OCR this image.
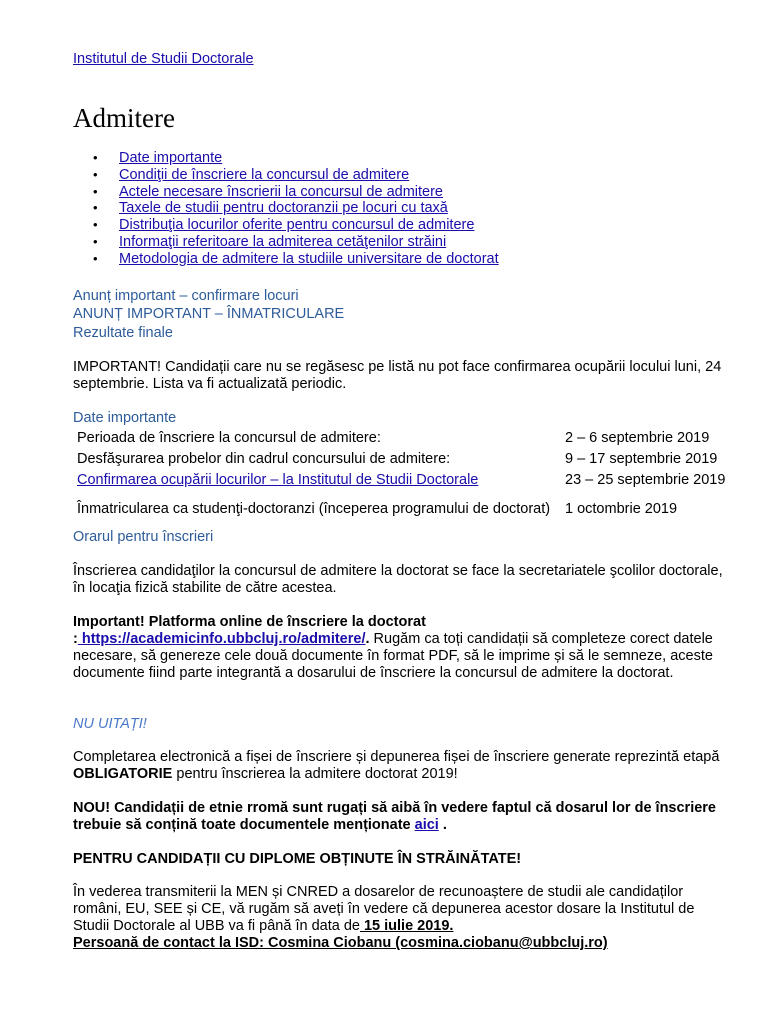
Institutul de Studii Doctorale
Admitere
• Date importante
• Condiţii de înscriere la concursul de admitere
• Actele necesare înscrierii la concursul de admitere
• Taxele de studii pentru doctoranzii pe locuri cu taxă
• Distribuţia locurilor oferite pentru concursul de admitere
• Informaţii referitoare la admiterea cetăţenilor străini
• Metodologia de admitere la studiile universitare de doctorat
Anunț important – confirmare locuri
ANUNȚ IMPORTANT – ÎNMATRICULARE
Rezultate finale
IMPORTANT! Candidații care nu se regăsesc pe listă nu pot face confirmarea ocupării locului luni, 24 septembrie. Lista va fi actualizată periodic.
Date importante
Perioada de înscriere la concursul de admitere:	2 – 6 septembrie 2019
Desfăşurarea probelor din cadrul concursului de admitere:	9 – 17 septembrie 2019
Confirmarea ocupării locurilor – la Institutul de Studii Doctorale	23 – 25 septembrie 2019
Înmatricularea ca studenţi-doctoranzi (începerea programului de doctorat)	1 octombrie 2019
Orarul pentru înscrieri
Înscrierea candidaţilor la concursul de admitere la doctorat se face la secretariatele şcolilor doctorale, în locaţia fizică stabilite de către acestea.
Important! Platforma online de înscriere la doctorat
: https://academicinfo.ubbcluj.ro/admitere/. Rugăm ca toți candidații să completeze corect datele necesare, să genereze cele două documente în format PDF, să le imprime și să le semneze, aceste documente fiind parte integrantă a dosarului de înscriere la concursul de admitere la doctorat.
NU UITAȚI!
Completarea electronică a fișei de înscriere și depunerea fișei de înscriere generate reprezintă etapă OBLIGATORIE pentru înscrierea la admitere doctorat 2019!
NOU! Candidații de etnie rromă sunt rugați să aibă în vedere faptul că dosarul lor de înscriere trebuie să conțină toate documentele menționate aici .
PENTRU CANDIDAȚII CU DIPLOME OBȚINUTE ÎN STRĂINĂTATE!
În vederea transmiterii la MEN și CNRED a dosarelor de recunoaștere de studii ale candidaților români, EU, SEE și CE, vă rugăm să aveți în vedere că depunerea acestor dosare la Institutul de Studii Doctorale al UBB va fi până în data de 15 iulie 2019.
Persoană de contact la ISD: Cosmina Ciobanu (cosmina.ciobanu@ubbcluj.ro)
